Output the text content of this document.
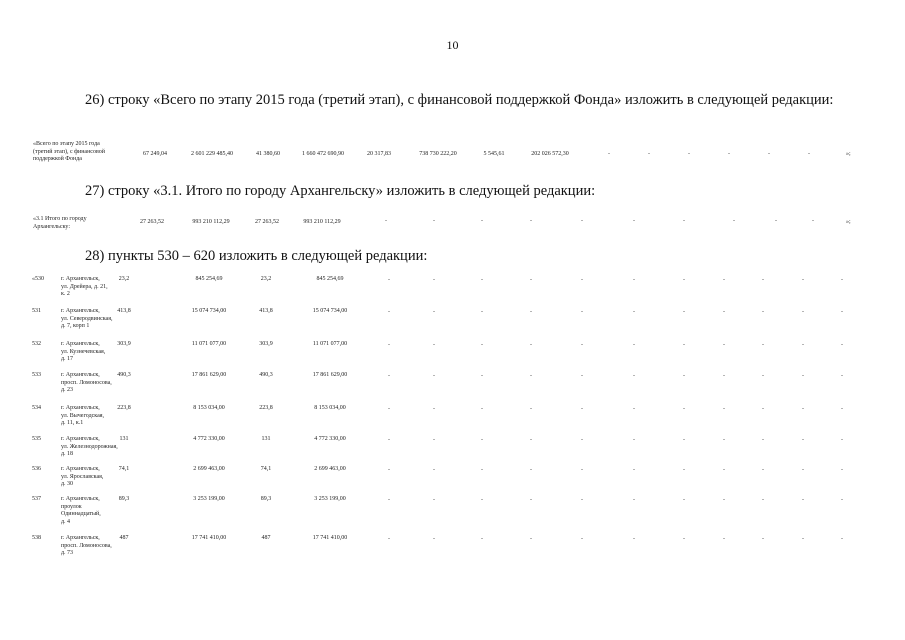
10
26) строку «Всего по этапу 2015 года (третий этап), с финансовой поддержкой Фонда» изложить в следующей редакции:
27) строку «3.1. Итого по городу Архангельску» изложить в следующей редакции:
28) пункты 530 – 620 изложить в следующей редакции:
«Всего по этапу 2015 года
(третий этап), с финансовой
поддержкой Фонда
67 249,04	2 601 229 485,40	41 380,60	1 660 472 690,90	20 317,83	738 730 222,20	5 545,61	202 026 572,30	-	-	-	-	-	-	»;
«3.1 Итого по городу
Архангельску:
27 263,52	993 210 112,29	27 263,52	993 210 112,29	-	-	-	-	-	-	-	-	-	-	»;
«530	г. Архангельск,
ул. Дрейера, д. 21,
к. 2
23,2	845 254,69	23,2	845 254,69	-	-	-	-	-	-	-	-	-	-	-
531	г. Архангельск,
ул. Северодвинская,
д. 7, корп 1
413,8	15 074 734,00	413,8	15 074 734,00	-	-	-	-	-	-	-	-	-	-	-
532	г. Архангельск,
ул. Кузнечевская,
д. 17
303,9	11 071 077,00	303,9	11 071 077,00	-	-	-	-	-	-	-	-	-	-	-
533	г. Архангельск,
просп. Ломоносова,
д. 23
490,3	17 861 629,00	490,3	17 861 629,00	-	-	-	-	-	-	-	-	-	-	-
534	г. Архангельск,
ул. Вычегодская,
д. 11, к.1
223,8	8 153 034,00	223,8	8 153 034,00	-	-	-	-	-	-	-	-	-	-	-
535	г. Архангельск,
ул. Железнодорожная,
д. 18
131	4 772 330,00	131	4 772 330,00	-	-	-	-	-	-	-	-	-	-	-
536	г. Архангельск,
ул. Ярославская,
д. 30
74,1	2 699 463,00	74,1	2 699 463,00	-	-	-	-	-	-	-	-	-	-	-
537	г. Архангельск,
проулок
Одиннадцатый,
д. 4
89,3	3 253 199,00	89,3	3 253 199,00	-	-	-	-	-	-	-	-	-	-	-
538	г. Архангельск,
просп. Ломоносова,
д. 73
487	17 741 410,00	487	17 741 410,00	-	-	-	-	-	-	-	-	-	-	-
